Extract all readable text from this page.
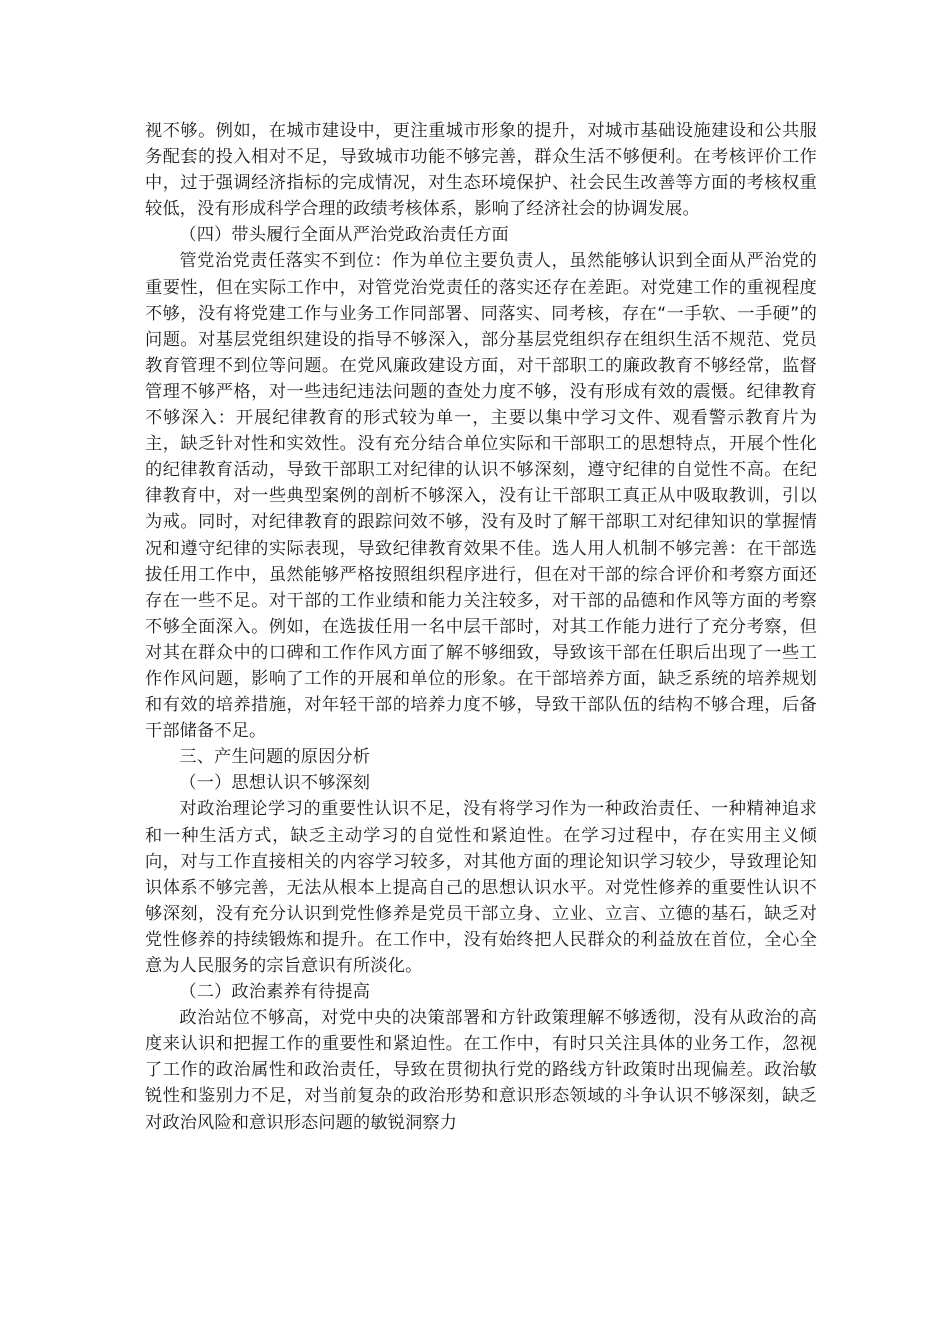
视不够。例如，在城市建设中，更注重城市形象的提升，对城市基础设施建设和公共服务配套的投入相对不足，导致城市功能不够完善，群众生活不够便利。在考核评价工作中，过于强调经济指标的完成情况，对生态环境保护、社会民生改善等方面的考核权重较低，没有形成科学合理的政绩考核体系，影响了经济社会的协调发展。

（四）带头履行全面从严治党政治责任方面

管党治党责任落实不到位：作为单位主要负责人，虽然能够认识到全面从严治党的重要性，但在实际工作中，对管党治党责任的落实还存在差距。对党建工作的重视程度不够，没有将党建工作与业务工作同部署、同落实、同考核，存在“一手软、一手硬”的问题。对基层党组织建设的指导不够深入，部分基层党组织存在组织生活不规范、党员教育管理不到位等问题。在党风廉政建设方面，对干部职工的廉政教育不够经常，监督管理不够严格，对一些违纪违法问题的查处力度不够，没有形成有效的震慑。纪律教育不够深入：开展纪律教育的形式较为单一，主要以集中学习文件、观看警示教育片为主，缺乏针对性和实效性。没有充分结合单位实际和干部职工的思想特点，开展个性化的纪律教育活动，导致干部职工对纪律的认识不够深刻，遵守纪律的自觉性不高。在纪律教育中，对一些典型案例的剖析不够深入，没有让干部职工真正从中吸取教训，引以为戒。同时，对纪律教育的跟踪问效不够，没有及时了解干部职工对纪律知识的掌握情况和遵守纪律的实际表现，导致纪律教育效果不佳。选人用人机制不够完善：在干部选拔任用工作中，虽然能够严格按照组织程序进行，但在对干部的综合评价和考察方面还存在一些不足。对干部的工作业绩和能力关注较多，对干部的品德和作风等方面的考察不够全面深入。例如，在选拔任用一名中层干部时，对其工作能力进行了充分考察，但对其在群众中的口碑和工作作风方面了解不够细致，导致该干部在任职后出现了一些工作作风问题，影响了工作的开展和单位的形象。在干部培养方面，缺乏系统的培养规划和有效的培养措施，对年轻干部的培养力度不够，导致干部队伍的结构不够合理，后备干部储备不足。

三、产生问题的原因分析

（一）思想认识不够深刻

对政治理论学习的重要性认识不足，没有将学习作为一种政治责任、一种精神追求和一种生活方式，缺乏主动学习的自觉性和紧迫性。在学习过程中，存在实用主义倾向，对与工作直接相关的内容学习较多，对其他方面的理论知识学习较少，导致理论知识体系不够完善，无法从根本上提高自己的思想认识水平。对党性修养的重要性认识不够深刻，没有充分认识到党性修养是党员干部立身、立业、立言、立德的基石，缺乏对党性修养的持续锻炼和提升。在工作中，没有始终把人民群众的利益放在首位，全心全意为人民服务的宗旨意识有所淡化。

（二）政治素养有待提高

政治站位不够高，对党中央的决策部署和方针政策理解不够透彻，没有从政治的高度来认识和把握工作的重要性和紧迫性。在工作中，有时只关注具体的业务工作，忽视了工作的政治属性和政治责任，导致在贯彻执行党的路线方针政策时出现偏差。政治敏锐性和鉴别力不足，对当前复杂的政治形势和意识形态领域的斗争认识不够深刻，缺乏对政治风险和意识形态问题的敏锐洞察力
